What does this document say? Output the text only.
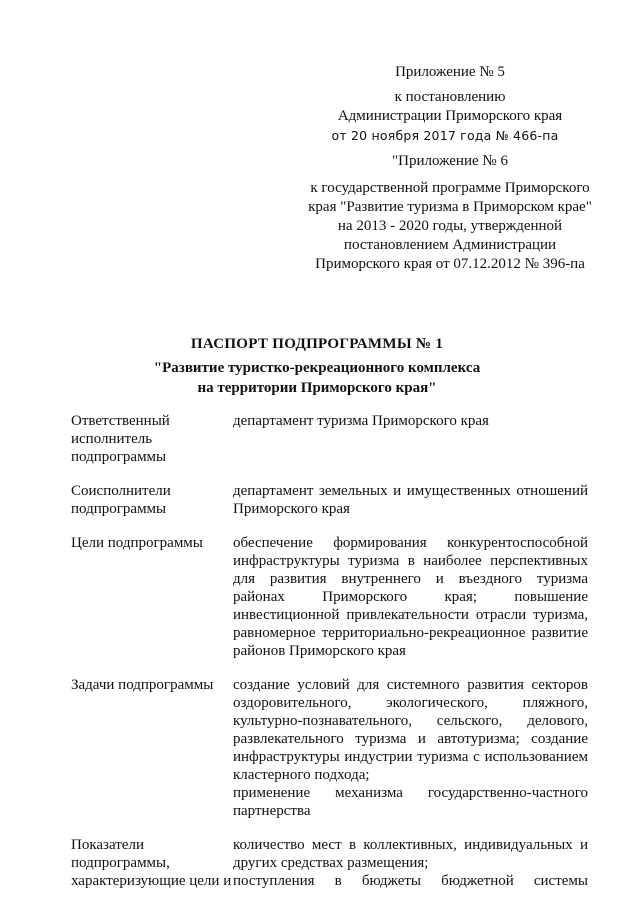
Приложение № 5
к постановлению
Администрации Приморского края
от 20 ноября 2017 года № 466-па
"Приложение № 6
к государственной программе Приморского края "Развитие туризма в Приморском крае" на 2013 - 2020 годы, утвержденной постановлением Администрации Приморского края от 07.12.2012 № 396-па
ПАСПОРТ ПОДПРОГРАММЫ № 1
"Развитие туристко-рекреационного комплекса
на территории Приморского края"
Ответственный исполнитель подпрограммы
департамент туризма Приморского края
Соисполнители подпрограммы
департамент земельных и имущественных отношений Приморского края
Цели подпрограммы	обеспечение формирования конкурентоспособной инфраструктуры туризма в наиболее перспективных для развития внутреннего и въездного туризма районах Приморского края; повышение инвестиционной привлекательности отрасли туризма, равномерное территориально-рекреационное развитие районов Приморского края
Задачи подпрограммы	создание условий для системного развития секторов оздоровительного, экологического, пляжного, культурно-познавательного, сельского, делового, развлекательного туризма и автотуризма; создание инфраструктуры индустрии туризма с использованием кластерного подхода;
применение механизма государственно-частного партнерства
Показатели подпрограммы, характеризующие цели и
количество мест в коллективных, индивидуальных и других средствах размещения;
поступления в бюджеты бюджетной системы
